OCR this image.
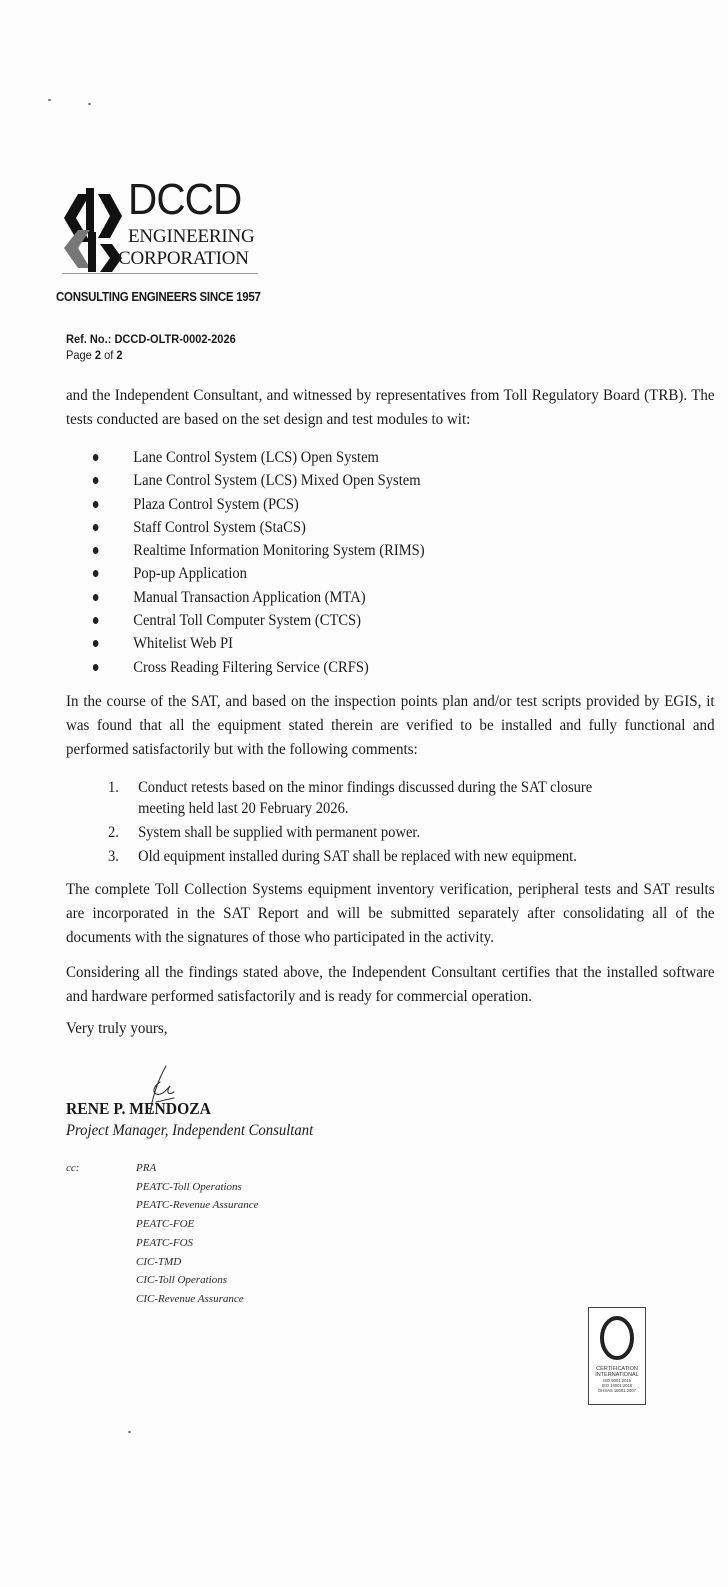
DCCD
ENGINEERING
CORPORATION
CONSULTING ENGINEERS SINCE 1957
Ref. No.: DCCD-OLTR-0002-2026
Page 2 of 2
and the Independent Consultant, and witnessed by representatives from Toll Regulatory Board (TRB). The tests conducted are based on the set design and test modules to wit:
Lane Control System (LCS) Open System
Lane Control System (LCS) Mixed Open System
Plaza Control System (PCS)
Staff Control System (StaCS)
Realtime Information Monitoring System (RIMS)
Pop-up Application
Manual Transaction Application (MTA)
Central Toll Computer System (CTCS)
Whitelist Web PI
Cross Reading Filtering Service (CRFS)
In the course of the SAT, and based on the inspection points plan and/or test scripts provided by EGIS, it was found that all the equipment stated therein are verified to be installed and fully functional and performed satisfactorily but with the following comments:
1. Conduct retests based on the minor findings discussed during the SAT closure meeting held last 20 February 2026.
2. System shall be supplied with permanent power.
3. Old equipment installed during SAT shall be replaced with new equipment.
The complete Toll Collection Systems equipment inventory verification, peripheral tests and SAT results are incorporated in the SAT Report and will be submitted separately after consolidating all of the documents with the signatures of those who participated in the activity.
Considering all the findings stated above, the Independent Consultant certifies that the installed software and hardware performed satisfactorily and is ready for commercial operation.
Very truly yours,
RENE P. MENDOZA
Project Manager, Independent Consultant
cc:	PRA
PEATC-Toll Operations
PEATC-Revenue Assurance
PEATC-FOE
PEATC-FOS
CIC-TMD
CIC-Toll Operations
CIC-Revenue Assurance
CERTIFICATION
INTERNATIONAL
ISO 9001:2015
ISO 14001:2015
OHSAS 18001:2007
